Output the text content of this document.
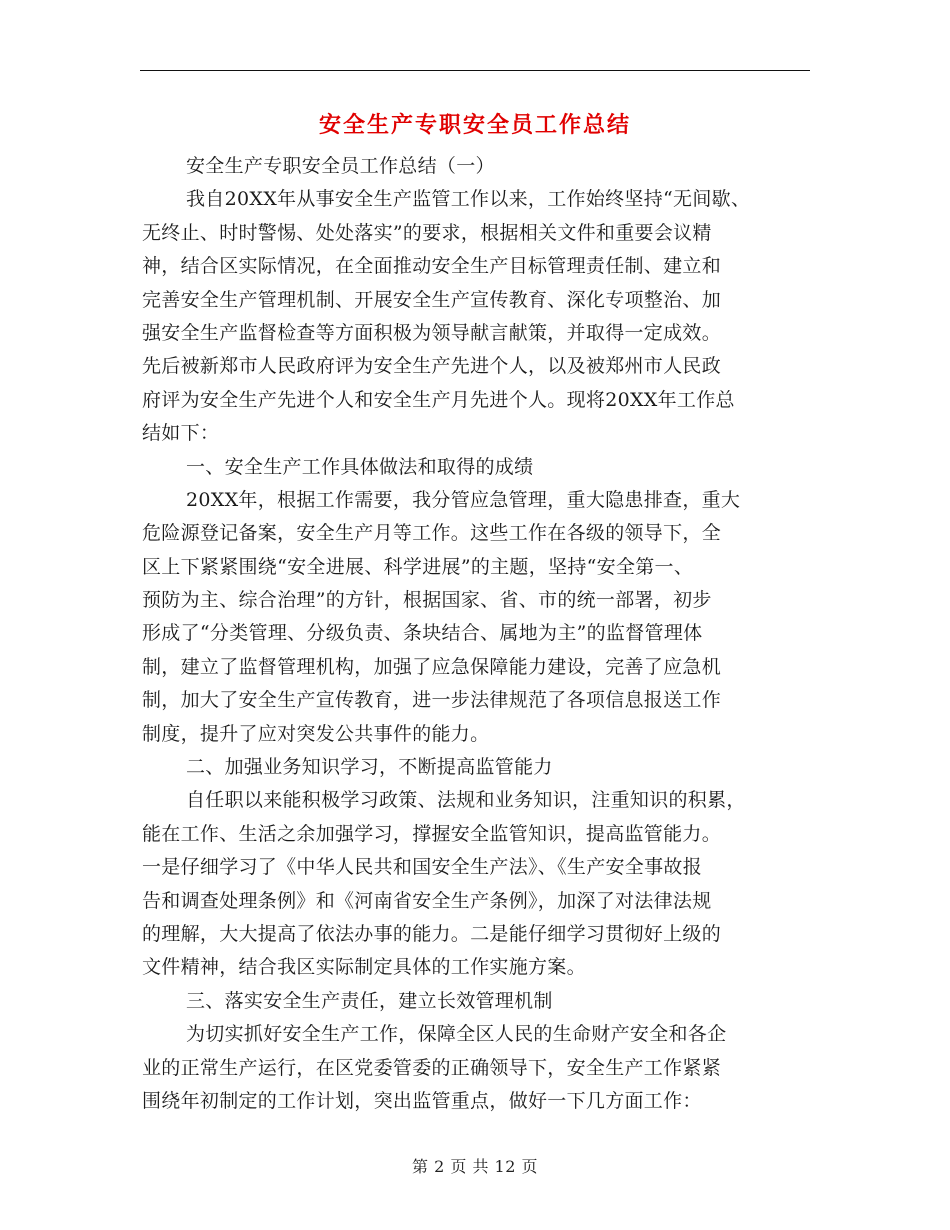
安全生产专职安全员工作总结
安全生产专职安全员工作总结（一）
我自20XX年从事安全生产监管工作以来，工作始终坚持“无间歇、
无终止、时时警惕、处处落实”的要求，根据相关文件和重要会议精
神，结合区实际情况，在全面推动安全生产目标管理责任制、建立和
完善安全生产管理机制、开展安全生产宣传教育、深化专项整治、加
强安全生产监督检查等方面积极为领导献言献策，并取得一定成效。
先后被新郑市人民政府评为安全生产先进个人，以及被郑州市人民政
府评为安全生产先进个人和安全生产月先进个人。现将20XX年工作总
结如下：
一、安全生产工作具体做法和取得的成绩
20XX年，根据工作需要，我分管应急管理，重大隐患排查，重大
危险源登记备案，安全生产月等工作。这些工作在各级的领导下，全
区上下紧紧围绕“安全进展、科学进展”的主题，坚持“安全第一、
预防为主、综合治理”的方针，根据国家、省、市的统一部署，初步
形成了“分类管理、分级负责、条块结合、属地为主”的监督管理体
制，建立了监督管理机构，加强了应急保障能力建设，完善了应急机
制，加大了安全生产宣传教育，进一步法律规范了各项信息报送工作
制度，提升了应对突发公共事件的能力。
二、加强业务知识学习，不断提高监管能力
自任职以来能积极学习政策、法规和业务知识，注重知识的积累，
能在工作、生活之余加强学习，撑握安全监管知识，提高监管能力。
一是仔细学习了《中华人民共和国安全生产法》、《生产安全事故报
告和调查处理条例》和《河南省安全生产条例》，加深了对法律法规
的理解，大大提高了依法办事的能力。二是能仔细学习贯彻好上级的
文件精神，结合我区实际制定具体的工作实施方案。
三、落实安全生产责任，建立长效管理机制
为切实抓好安全生产工作，保障全区人民的生命财产安全和各企
业的正常生产运行，在区党委管委的正确领导下，安全生产工作紧紧
围绕年初制定的工作计划，突出监管重点，做好一下几方面工作：
第 2 页 共 12 页
